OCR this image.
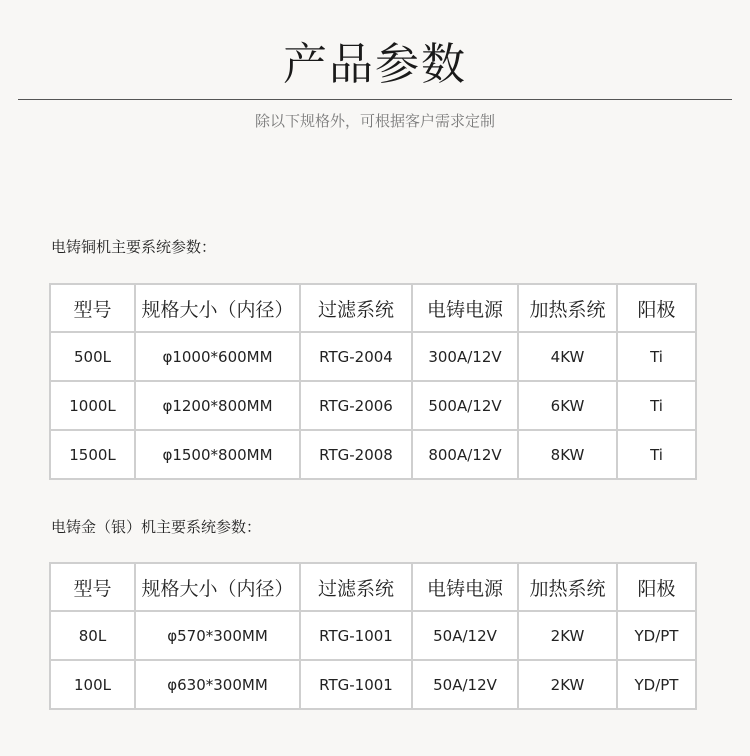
产品参数
除以下规格外，可根据客户需求定制
电铸铜机主要系统参数：
型号	规格大小（内径）	过滤系统	电铸电源	加热系统	阳极
500L	φ1000*600MM	RTG-2004	300A/12V	4KW	Ti
1000L	φ1200*800MM	RTG-2006	500A/12V	6KW	Ti
1500L	φ1500*800MM	RTG-2008	800A/12V	8KW	Ti
电铸金（银）机主要系统参数：
型号	规格大小（内径）	过滤系统	电铸电源	加热系统	阳极
80L	φ570*300MM	RTG-1001	50A/12V	2KW	YD/PT
100L	φ630*300MM	RTG-1001	50A/12V	2KW	YD/PT
